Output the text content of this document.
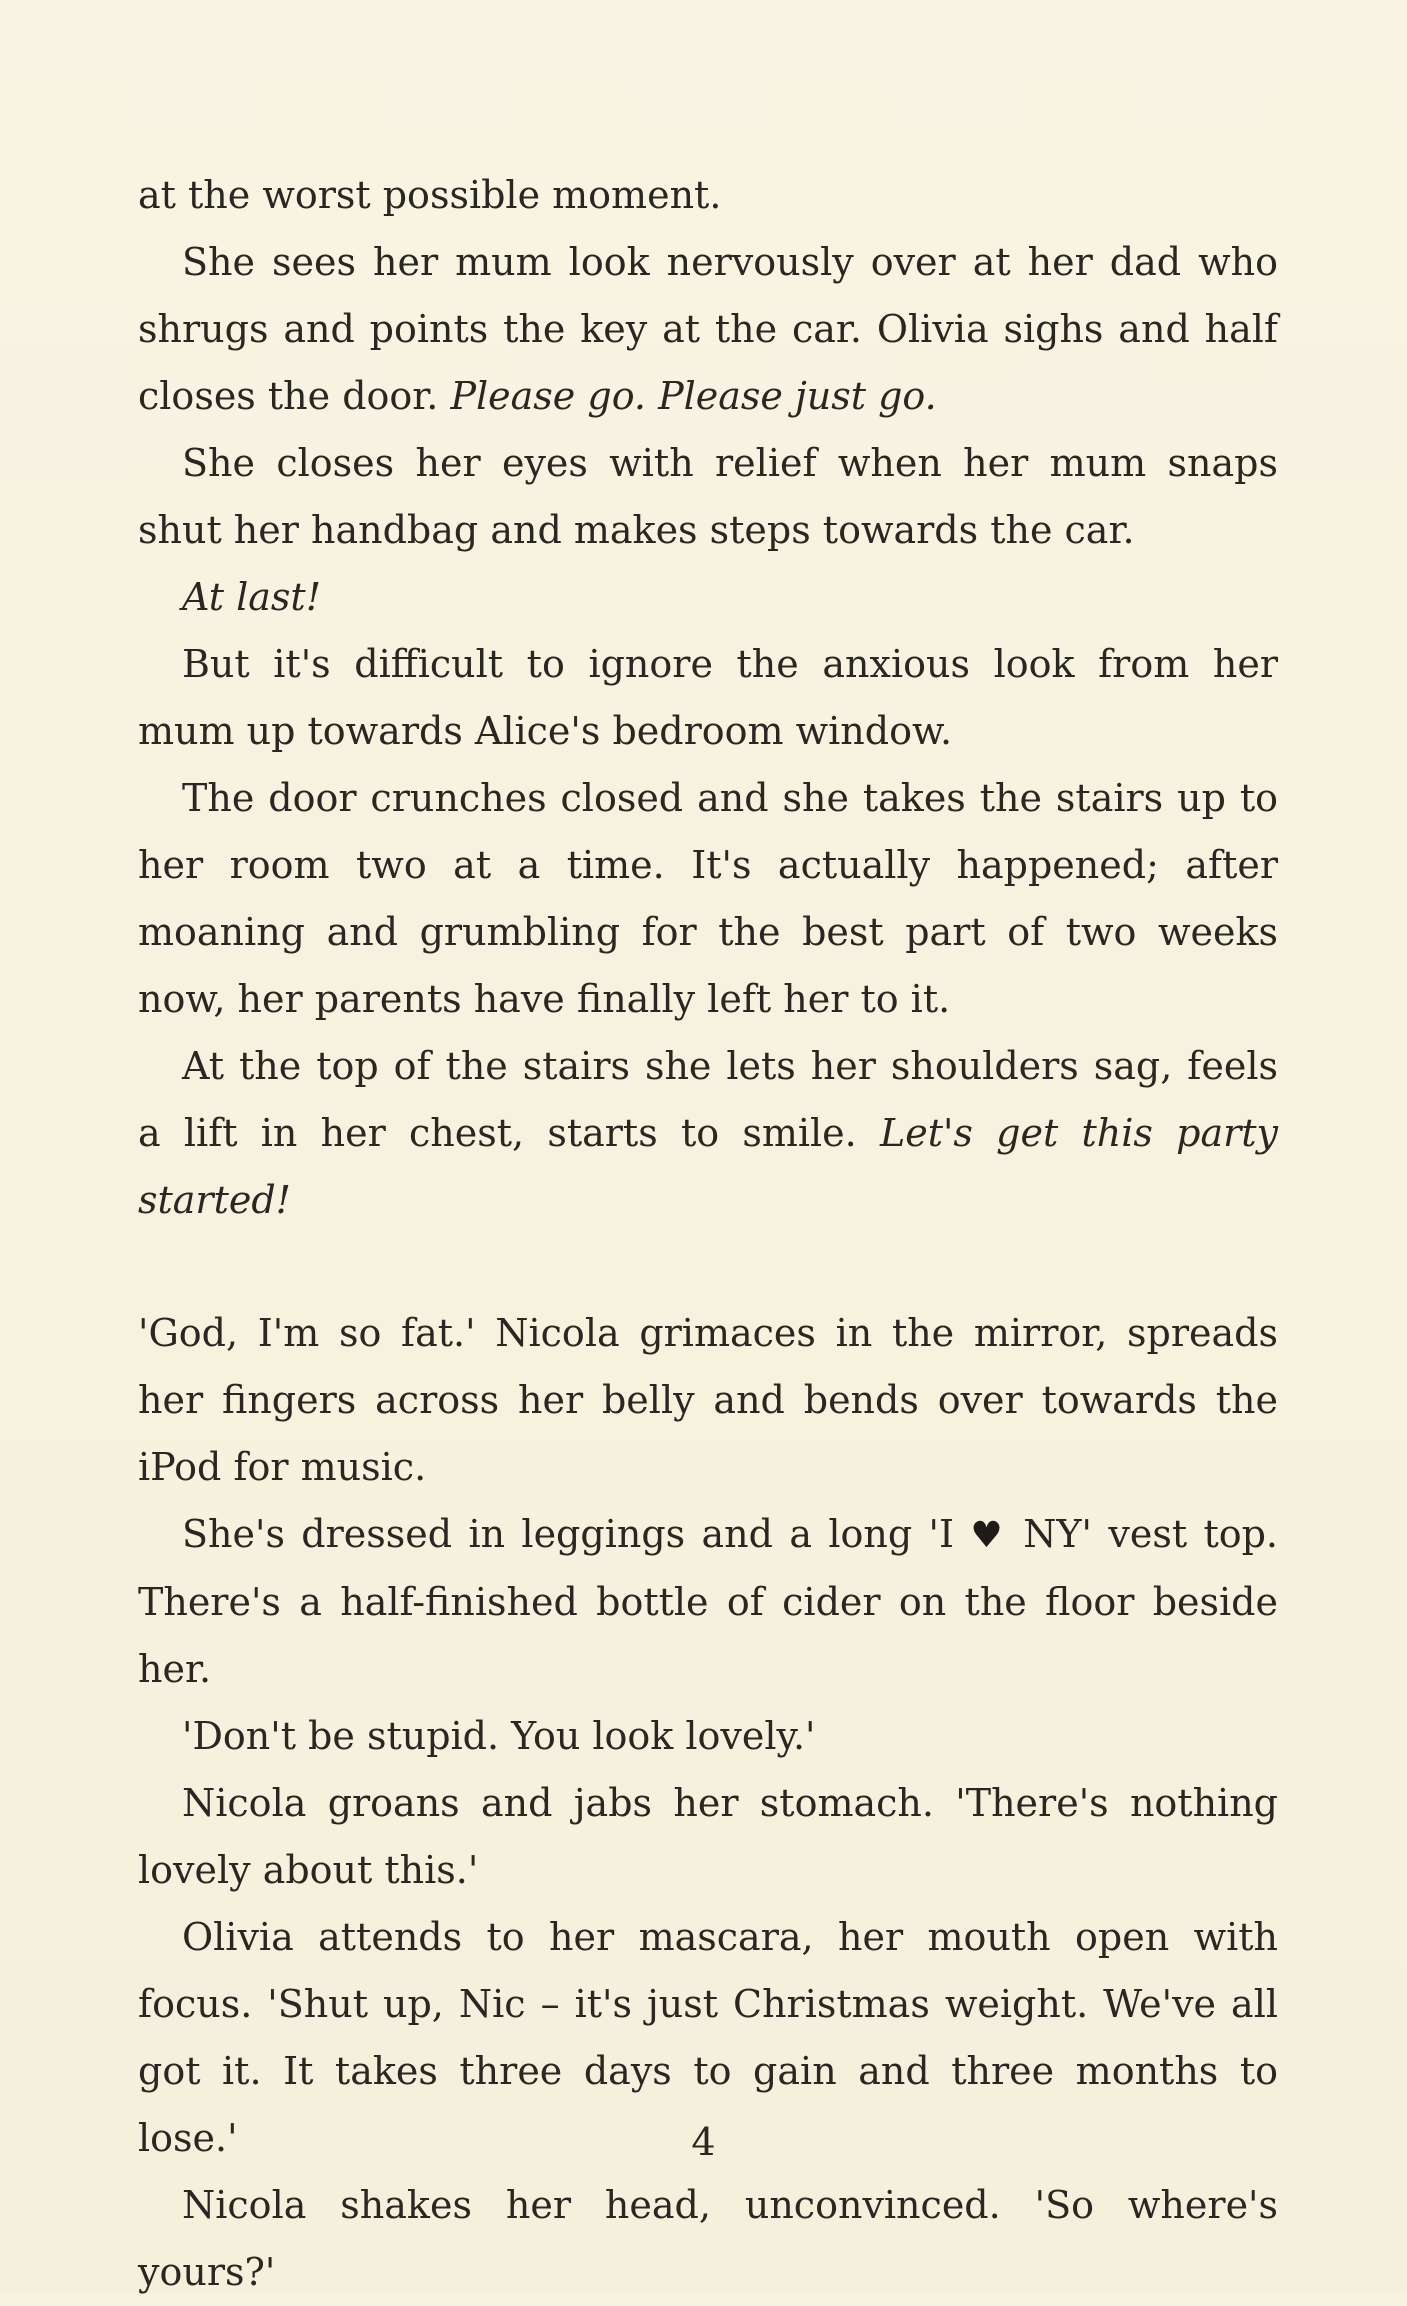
at the worst possible moment.

She sees her mum look nervously over at her dad who shrugs and points the key at the car. Olivia sighs and half closes the door. Please go. Please just go.

She closes her eyes with relief when her mum snaps shut her handbag and makes steps towards the car.

At last!

But it's difficult to ignore the anxious look from her mum up towards Alice's bedroom window.

The door crunches closed and she takes the stairs up to her room two at a time. It's actually happened; after moaning and grumbling for the best part of two weeks now, her parents have finally left her to it.

At the top of the stairs she lets her shoulders sag, feels a lift in her chest, starts to smile. Let's get this party started!

'God, I'm so fat.' Nicola grimaces in the mirror, spreads her fingers across her belly and bends over towards the iPod for music.

She's dressed in leggings and a long 'I ♥ NY' vest top. There's a half-finished bottle of cider on the floor beside her.

'Don't be stupid. You look lovely.'

Nicola groans and jabs her stomach. 'There's nothing lovely about this.'

Olivia attends to her mascara, her mouth open with focus. 'Shut up, Nic – it's just Christmas weight. We've all got it. It takes three days to gain and three months to lose.'

Nicola shakes her head, unconvinced. 'So where's yours?'

4
